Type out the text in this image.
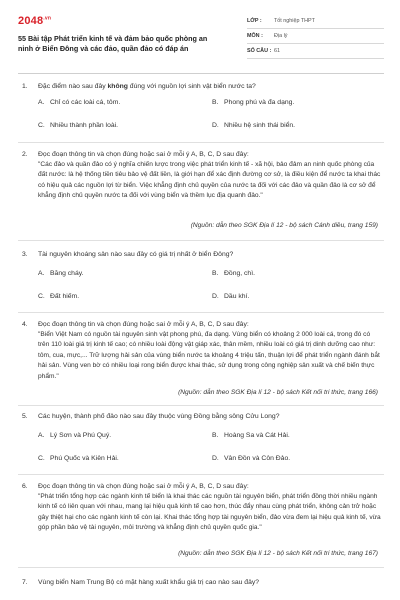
$2048^{.vn}$
55 Bài tập Phát triển kinh tế và đảm bảo quốc phòng an ninh ở Biển Đông và các đảo, quần đảo có đáp án
LỚP :	Tốt nghiệp THPT
MÔN :	Địa lý
SỐ CÂU : 61
1.	Đặc điểm nào sau đây không đúng với nguồn lợi sinh vật biển nước ta?
A. Chỉ có các loài cá, tôm.	B. Phong phú và đa dạng.
C. Nhiều thành phần loài.	D. Nhiều hệ sinh thái biển.
2.	Đọc đoạn thông tin và chọn đúng hoặc sai ở mỗi ý A, B, C, D sau đây:
"Các đảo và quần đảo có ý nghĩa chiến lược trong việc phát triển kinh tế - xã hội, bảo đảm an ninh quốc phòng của đất nước: là hệ thống tiền tiêu bảo vệ đất liền, là giới hạn để xác định đường cơ sở, là điều kiện để nước ta khai thác có hiệu quả các nguồn lợi từ biển. Việc khẳng định chủ quyền của nước ta đối với các đảo và quần đảo là cơ sở để khẳng định chủ quyền nước ta đối với vùng biển và thềm lục địa quanh đảo."
(Nguồn: dẫn theo SGK Địa lí 12 - bộ sách Cánh diều, trang 159)
3.	Tài nguyên khoáng sản nào sau đây có giá trị nhất ở biển Đông?
A. Băng cháy.	B. Đồng, chì.
C. Đất hiếm.	D. Dầu khí.
4.	Đọc đoạn thông tin và chọn đúng hoặc sai ở mỗi ý A, B, C, D sau đây:
"Biển Việt Nam có nguồn tài nguyên sinh vật phong phú, đa dạng. Vùng biển có khoảng 2 000 loài cá, trong đó có trên 110 loài giá trị kinh tế cao; có nhiều loài động vật giáp xác, thân mềm, nhiều loài có giá trị dinh dưỡng cao như: tôm, cua, mực,... Trữ lượng hải sản của vùng biển nước ta khoảng 4 triệu tấn, thuận lợi để phát triển ngành đánh bắt hải sản. Vùng ven bờ có nhiều loại rong biển được khai thác, sử dụng trong công nghiệp sản xuất và chế biến thực phẩm."
(Nguồn: dẫn theo SGK Địa lí 12 - bộ sách Kết nối tri thức, trang 166)
5.	Các huyện, thành phố đảo nào sau đây thuộc vùng Đồng bằng sông Cửu Long?
A. Lý Sơn và Phú Quý.	B. Hoàng Sa và Cát Hải.
C. Phú Quốc và Kiên Hải.	D. Vân Đồn và Côn Đảo.
6.	Đọc đoạn thông tin và chọn đúng hoặc sai ở mỗi ý A, B, C, D sau đây:
"Phát triển tổng hợp các ngành kinh tế biển là khai thác các nguồn tài nguyên biển, phát triển đồng thời nhiều ngành kinh tế có liên quan với nhau, mang lại hiệu quả kinh tế cao hơn, thúc đẩy nhau cùng phát triển, không cản trở hoặc gây thiệt hại cho các ngành kinh tế còn lại. Khai thác tổng hợp tài nguyên biển, đảo vừa đem lại hiệu quả kinh tế, vừa góp phần bảo vệ tài nguyên, môi trường và khẳng định chủ quyền quốc gia."
(Nguồn: dẫn theo SGK Địa lí 12 - bộ sách Kết nối tri thức, trang 167)
7.	Vùng biển Nam Trung Bộ có mặt hàng xuất khẩu giá trị cao nào sau đây?
